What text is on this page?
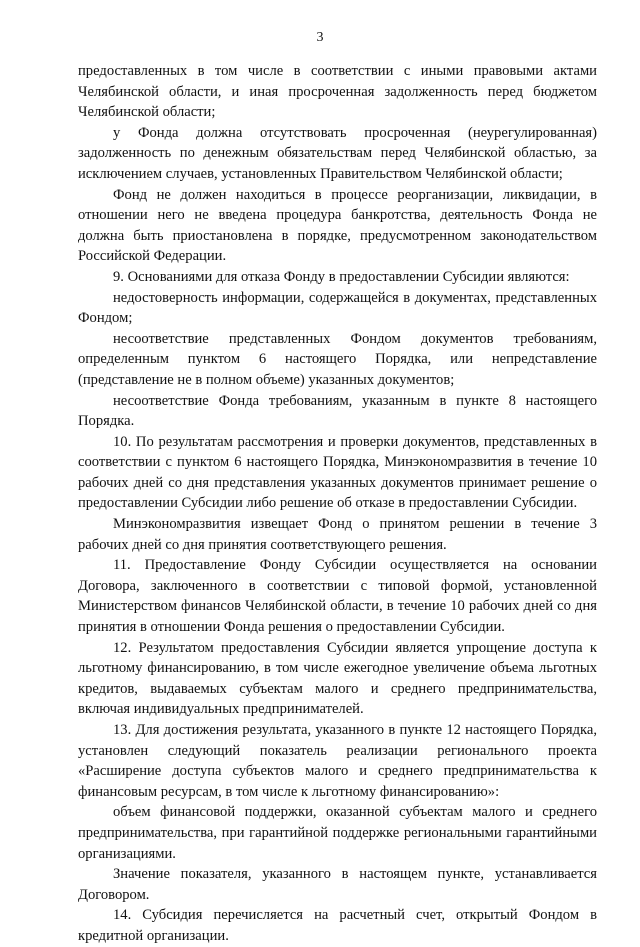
3

предоставленных в том числе в соответствии с иными правовыми актами Челябинской области, и иная просроченная задолженность перед бюджетом Челябинской области;

у Фонда должна отсутствовать просроченная (неурегулированная) задолженность по денежным обязательствам перед Челябинской областью, за исключением случаев, установленных Правительством Челябинской области;

Фонд не должен находиться в процессе реорганизации, ликвидации, в отношении него не введена процедура банкротства, деятельность Фонда не должна быть приостановлена в порядке, предусмотренном законодательством Российской Федерации.

9. Основаниями для отказа Фонду в предоставлении Субсидии являются:

недостоверность информации, содержащейся в документах, представленных Фондом;

несоответствие представленных Фондом документов требованиям, определенным пунктом 6 настоящего Порядка, или непредставление (представление не в полном объеме) указанных документов;

несоответствие Фонда требованиям, указанным в пункте 8 настоящего Порядка.

10. По результатам рассмотрения и проверки документов, представленных в соответствии с пунктом 6 настоящего Порядка, Минэкономразвития в течение 10 рабочих дней со дня представления указанных документов принимает решение о предоставлении Субсидии либо решение об отказе в предоставлении Субсидии.

Минэкономразвития извещает Фонд о принятом решении в течение 3 рабочих дней со дня принятия соответствующего решения.

11. Предоставление Фонду Субсидии осуществляется на основании Договора, заключенного в соответствии с типовой формой, установленной Министерством финансов Челябинской области, в течение 10 рабочих дней со дня принятия в отношении Фонда решения о предоставлении Субсидии.

12. Результатом предоставления Субсидии является упрощение доступа к льготному финансированию, в том числе ежегодное увеличение объема льготных кредитов, выдаваемых субъектам малого и среднего предпринимательства, включая индивидуальных предпринимателей.

13. Для достижения результата, указанного в пункте 12 настоящего Порядка, установлен следующий показатель реализации регионального проекта «Расширение доступа субъектов малого и среднего предпринимательства к финансовым ресурсам, в том числе к льготному финансированию»:

объем финансовой поддержки, оказанной субъектам малого и среднего предпринимательства, при гарантийной поддержке региональными гарантийными организациями.

Значение показателя, указанного в настоящем пункте, устанавливается Договором.

14. Субсидия перечисляется на расчетный счет, открытый Фондом в кредитной организации.
